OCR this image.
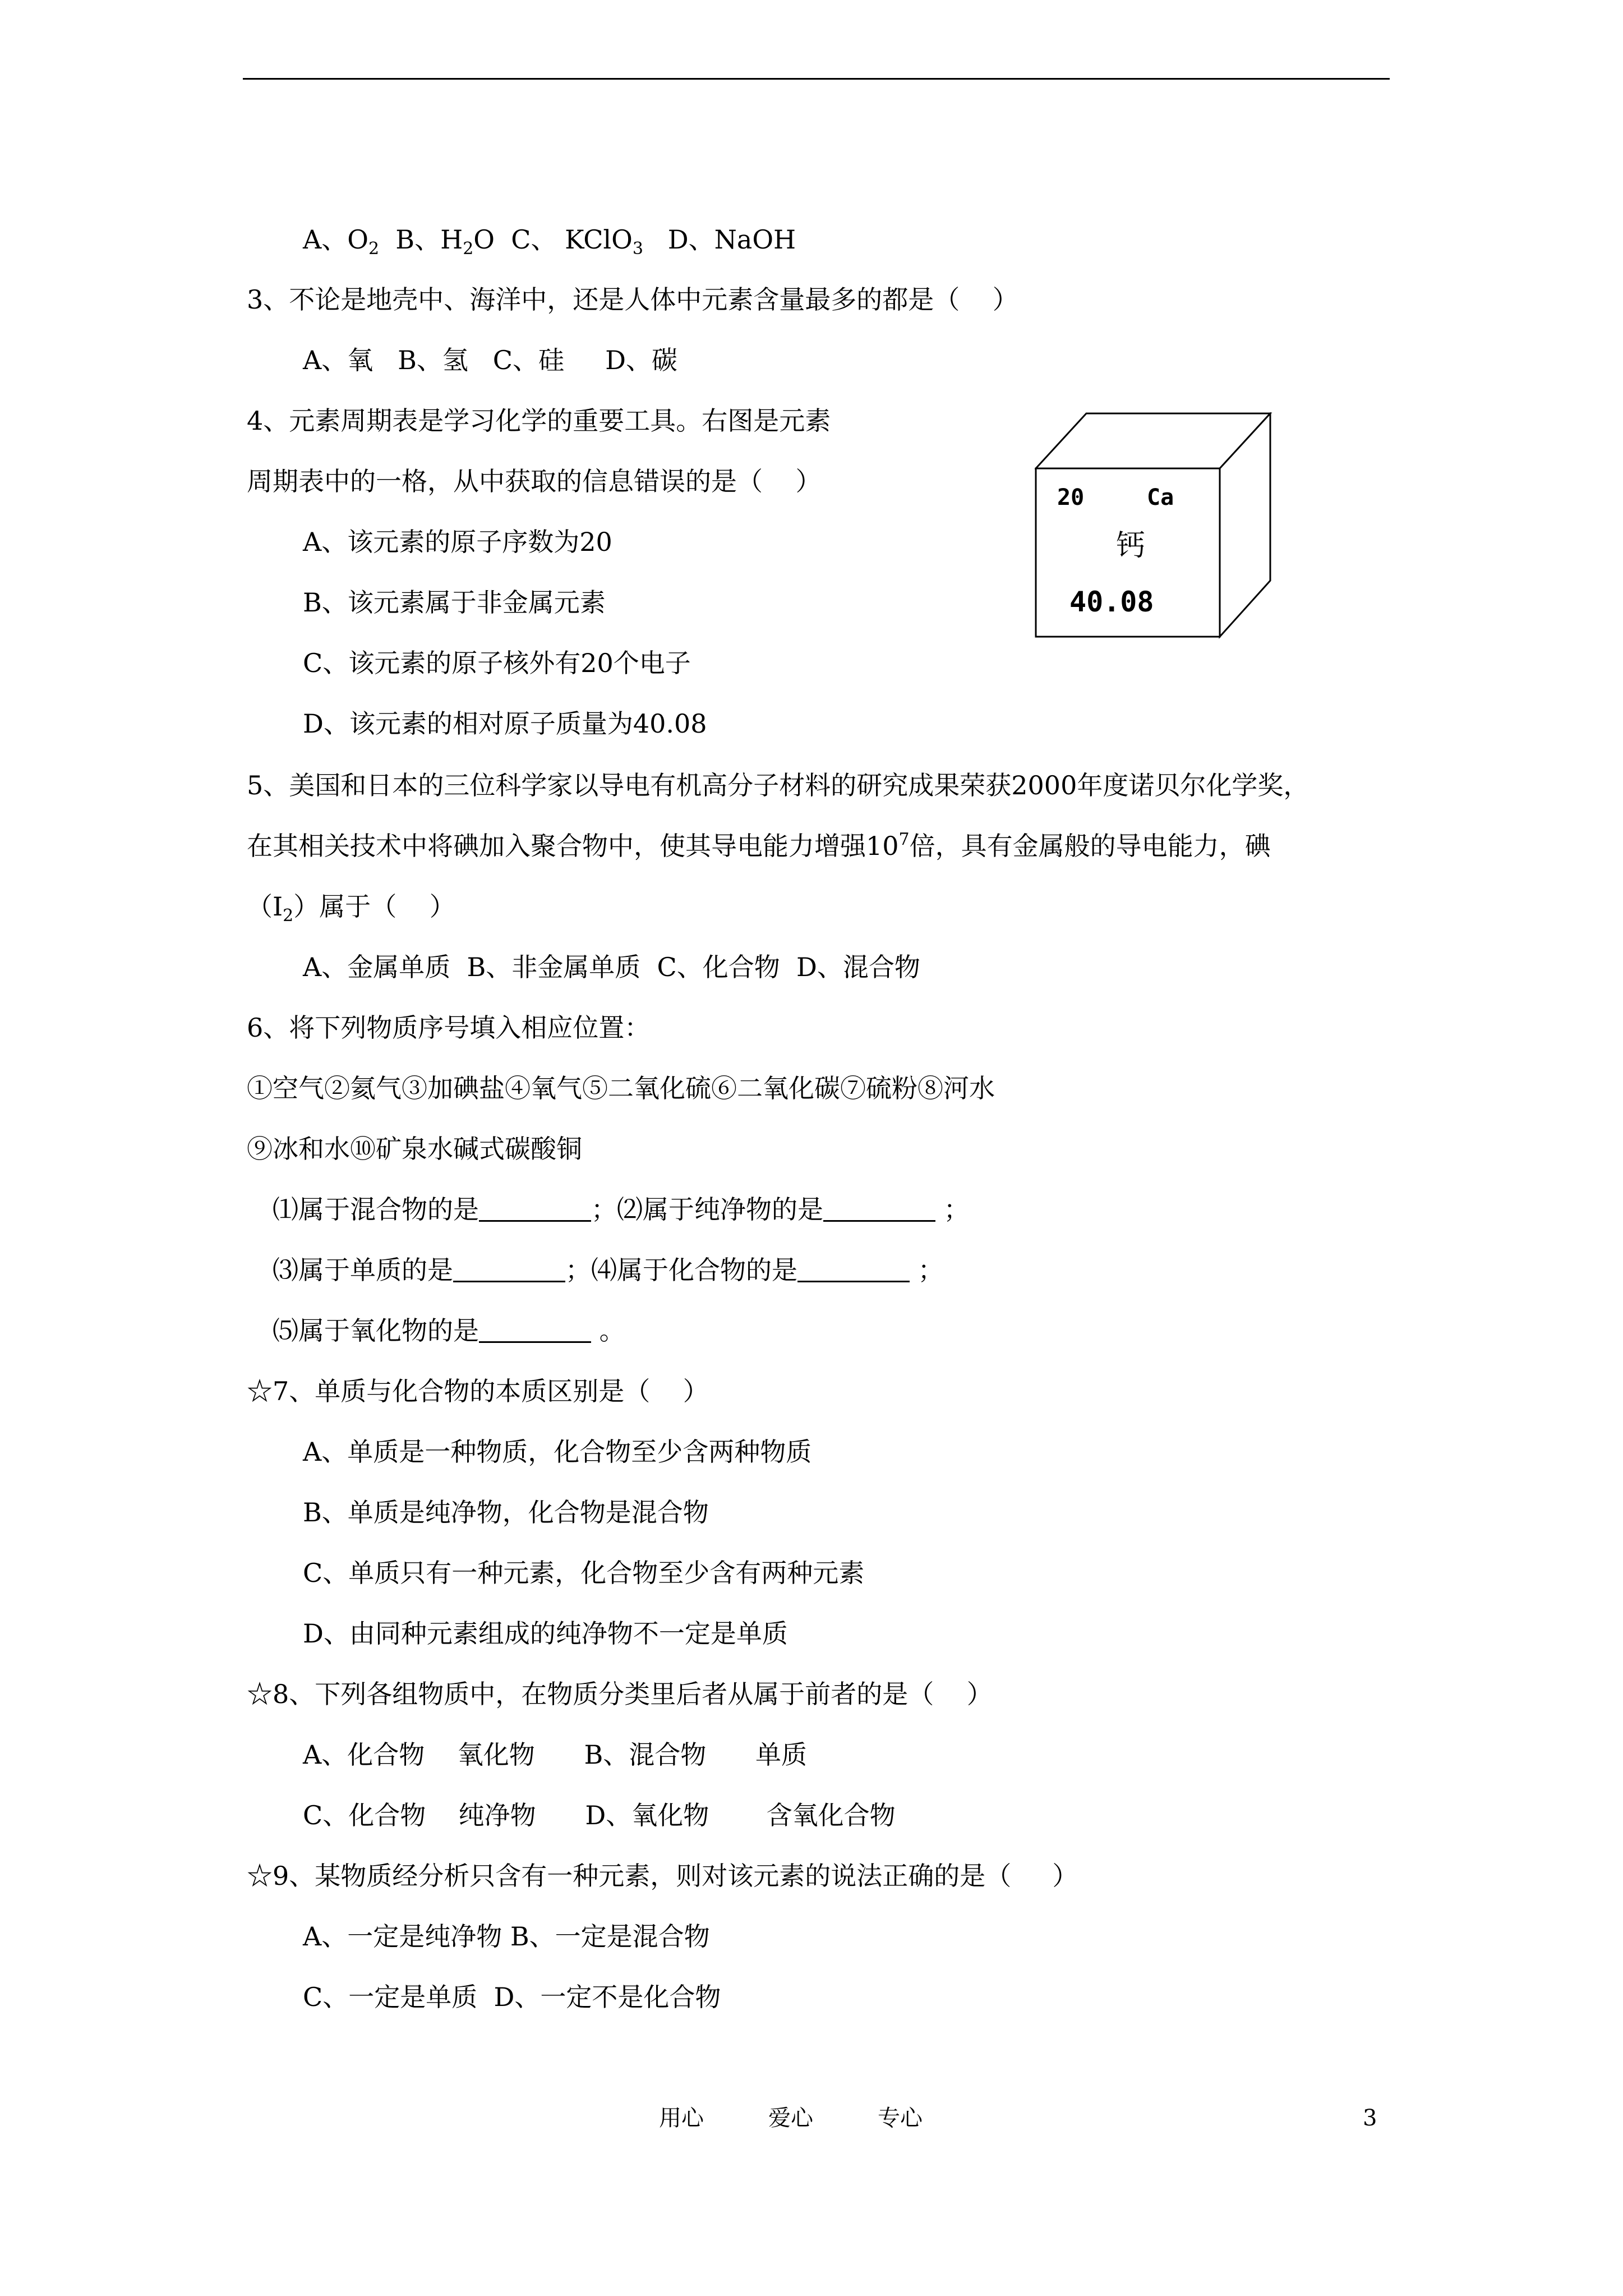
A、$O_2$  B、$H_2O$  C、 KClO$_3$   D、NaOH
3、不论是地壳中、海洋中，还是人体中元素含量最多的都是（    ）
A、氧   B、氢   C、硅     D、碳
4、元素周期表是学习化学的重要工具。右图是元素
周期表中的一格，从中获取的信息错误的是（    ）
A、该元素的原子序数为20
B、该元素属于非金属元素
C、该元素的原子核外有20个电子
D、该元素的相对原子质量为40.08
20	Ca
钙
40.08
5、美国和日本的三位科学家以导电有机高分子材料的研究成果荣获2000年度诺贝尔化学奖，
在其相关技术中将碘加入聚合物中，使其导电能力增强$10^7$倍，具有金属般的导电能力，碘
$(I_2)$属于（    ）
A、金属单质  B、非金属单质  C、化合物  D、混合物
6、将下列物质序号填入相应位置：
①空气②氦气③加碘盐④氧气⑤二氧化硫⑥二氧化碳⑦硫粉⑧河水
⑨冰和水⑩矿泉水碱式碳酸铜
⑴属于混合物的是	；⑵属于纯净物的是	；
⑶属于单质的是	；⑷属于化合物的是	；
⑸属于氧化物的是	。
☆7、单质与化合物的本质区别是（    ）
A、单质是一种物质，化合物至少含两种物质
B、单质是纯净物，化合物是混合物
C、单质只有一种元素，化合物至少含有两种元素
D、由同种元素组成的纯净物不一定是单质
☆8、下列各组物质中，在物质分类里后者从属于前者的是（    ）
A、化合物    氧化物      B、混合物      单质
C、化合物    纯净物      D、氧化物       含氧化合物
☆9、某物质经分析只含有一种元素，则对该元素的说法正确的是（     ）
A、一定是纯净物 B、一定是混合物
C、一定是单质  D、一定不是化合物
用心	爱心	专心	3
